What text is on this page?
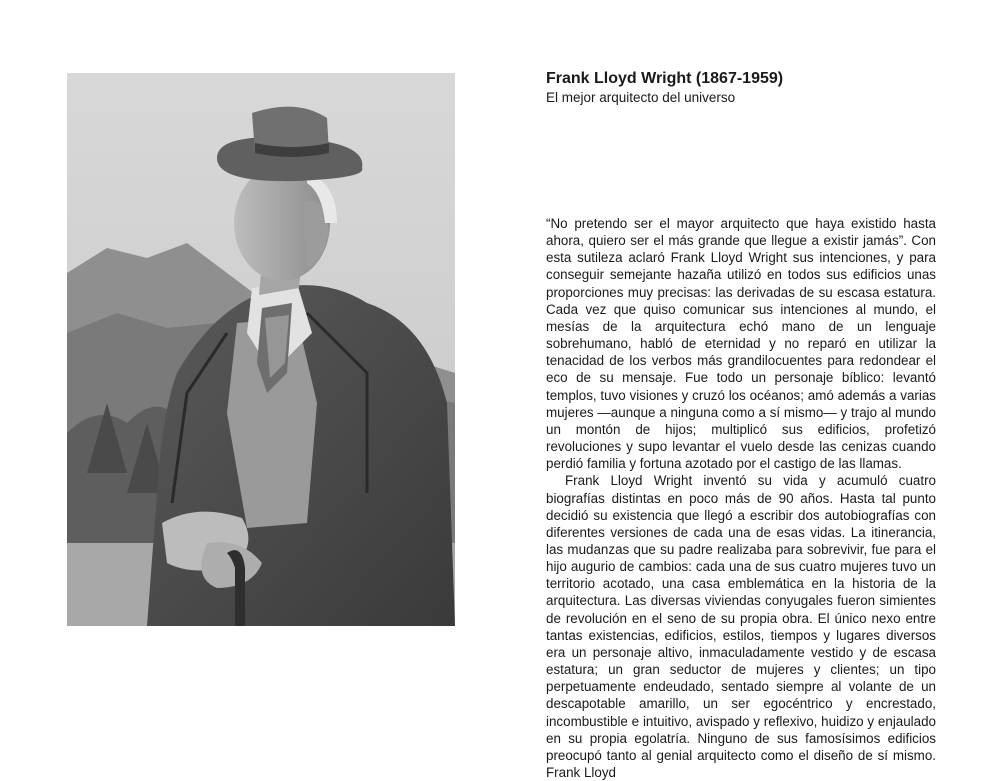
Frank Lloyd Wright (1867-1959)

El mejor arquitecto del universo

“No pretendo ser el mayor arquitecto que haya existido hasta ahora, quiero ser el más grande que llegue a existir jamás”. Con esta sutileza aclaró Frank Lloyd Wright sus intenciones, y para conseguir semejante hazaña utilizó en todos sus edificios unas proporciones muy precisas: las derivadas de su escasa estatura. Cada vez que quiso comunicar sus intenciones al mundo, el mesías de la arquitectura echó mano de un lenguaje sobrehumano, habló de eternidad y no reparó en utilizar la tenacidad de los verbos más grandilocuentes para redondear el eco de su mensaje. Fue todo un personaje bíblico: levantó templos, tuvo visiones y cruzó los océanos; amó además a varias mujeres —aunque a ninguna como a sí mismo— y trajo al mundo un montón de hijos; multiplicó sus edificios, profetizó revoluciones y supo levantar el vuelo desde las cenizas cuando perdió familia y fortuna azotado por el castigo de las llamas.

Frank Lloyd Wright inventó su vida y acumuló cuatro biografías distintas en poco más de 90 años. Hasta tal punto decidió su existencia que llegó a escribir dos autobiografías con diferentes versiones de cada una de esas vidas. La itinerancia, las mudanzas que su padre realizaba para sobrevivir, fue para el hijo augurio de cambios: cada una de sus cuatro mujeres tuvo un territorio acotado, una casa emblemática en la historia de la arquitectura. Las diversas viviendas conyugales fueron simientes de revolución en el seno de su propia obra. El único nexo entre tantas existencias, edificios, estilos, tiempos y lugares diversos era un personaje altivo, inmaculadamente vestido y de escasa estatura; un gran seductor de mujeres y clientes; un tipo perpetuamente endeudado, sentado siempre al volante de un descapotable amarillo, un ser egocéntrico y encrestado, incombustible e intuitivo, avispado y reflexivo, huidizo y enjaulado en su propia egolatría. Ninguno de sus famosísimos edificios preocupó tanto al genial arquitecto como el diseño de sí mismo. Frank Lloyd
